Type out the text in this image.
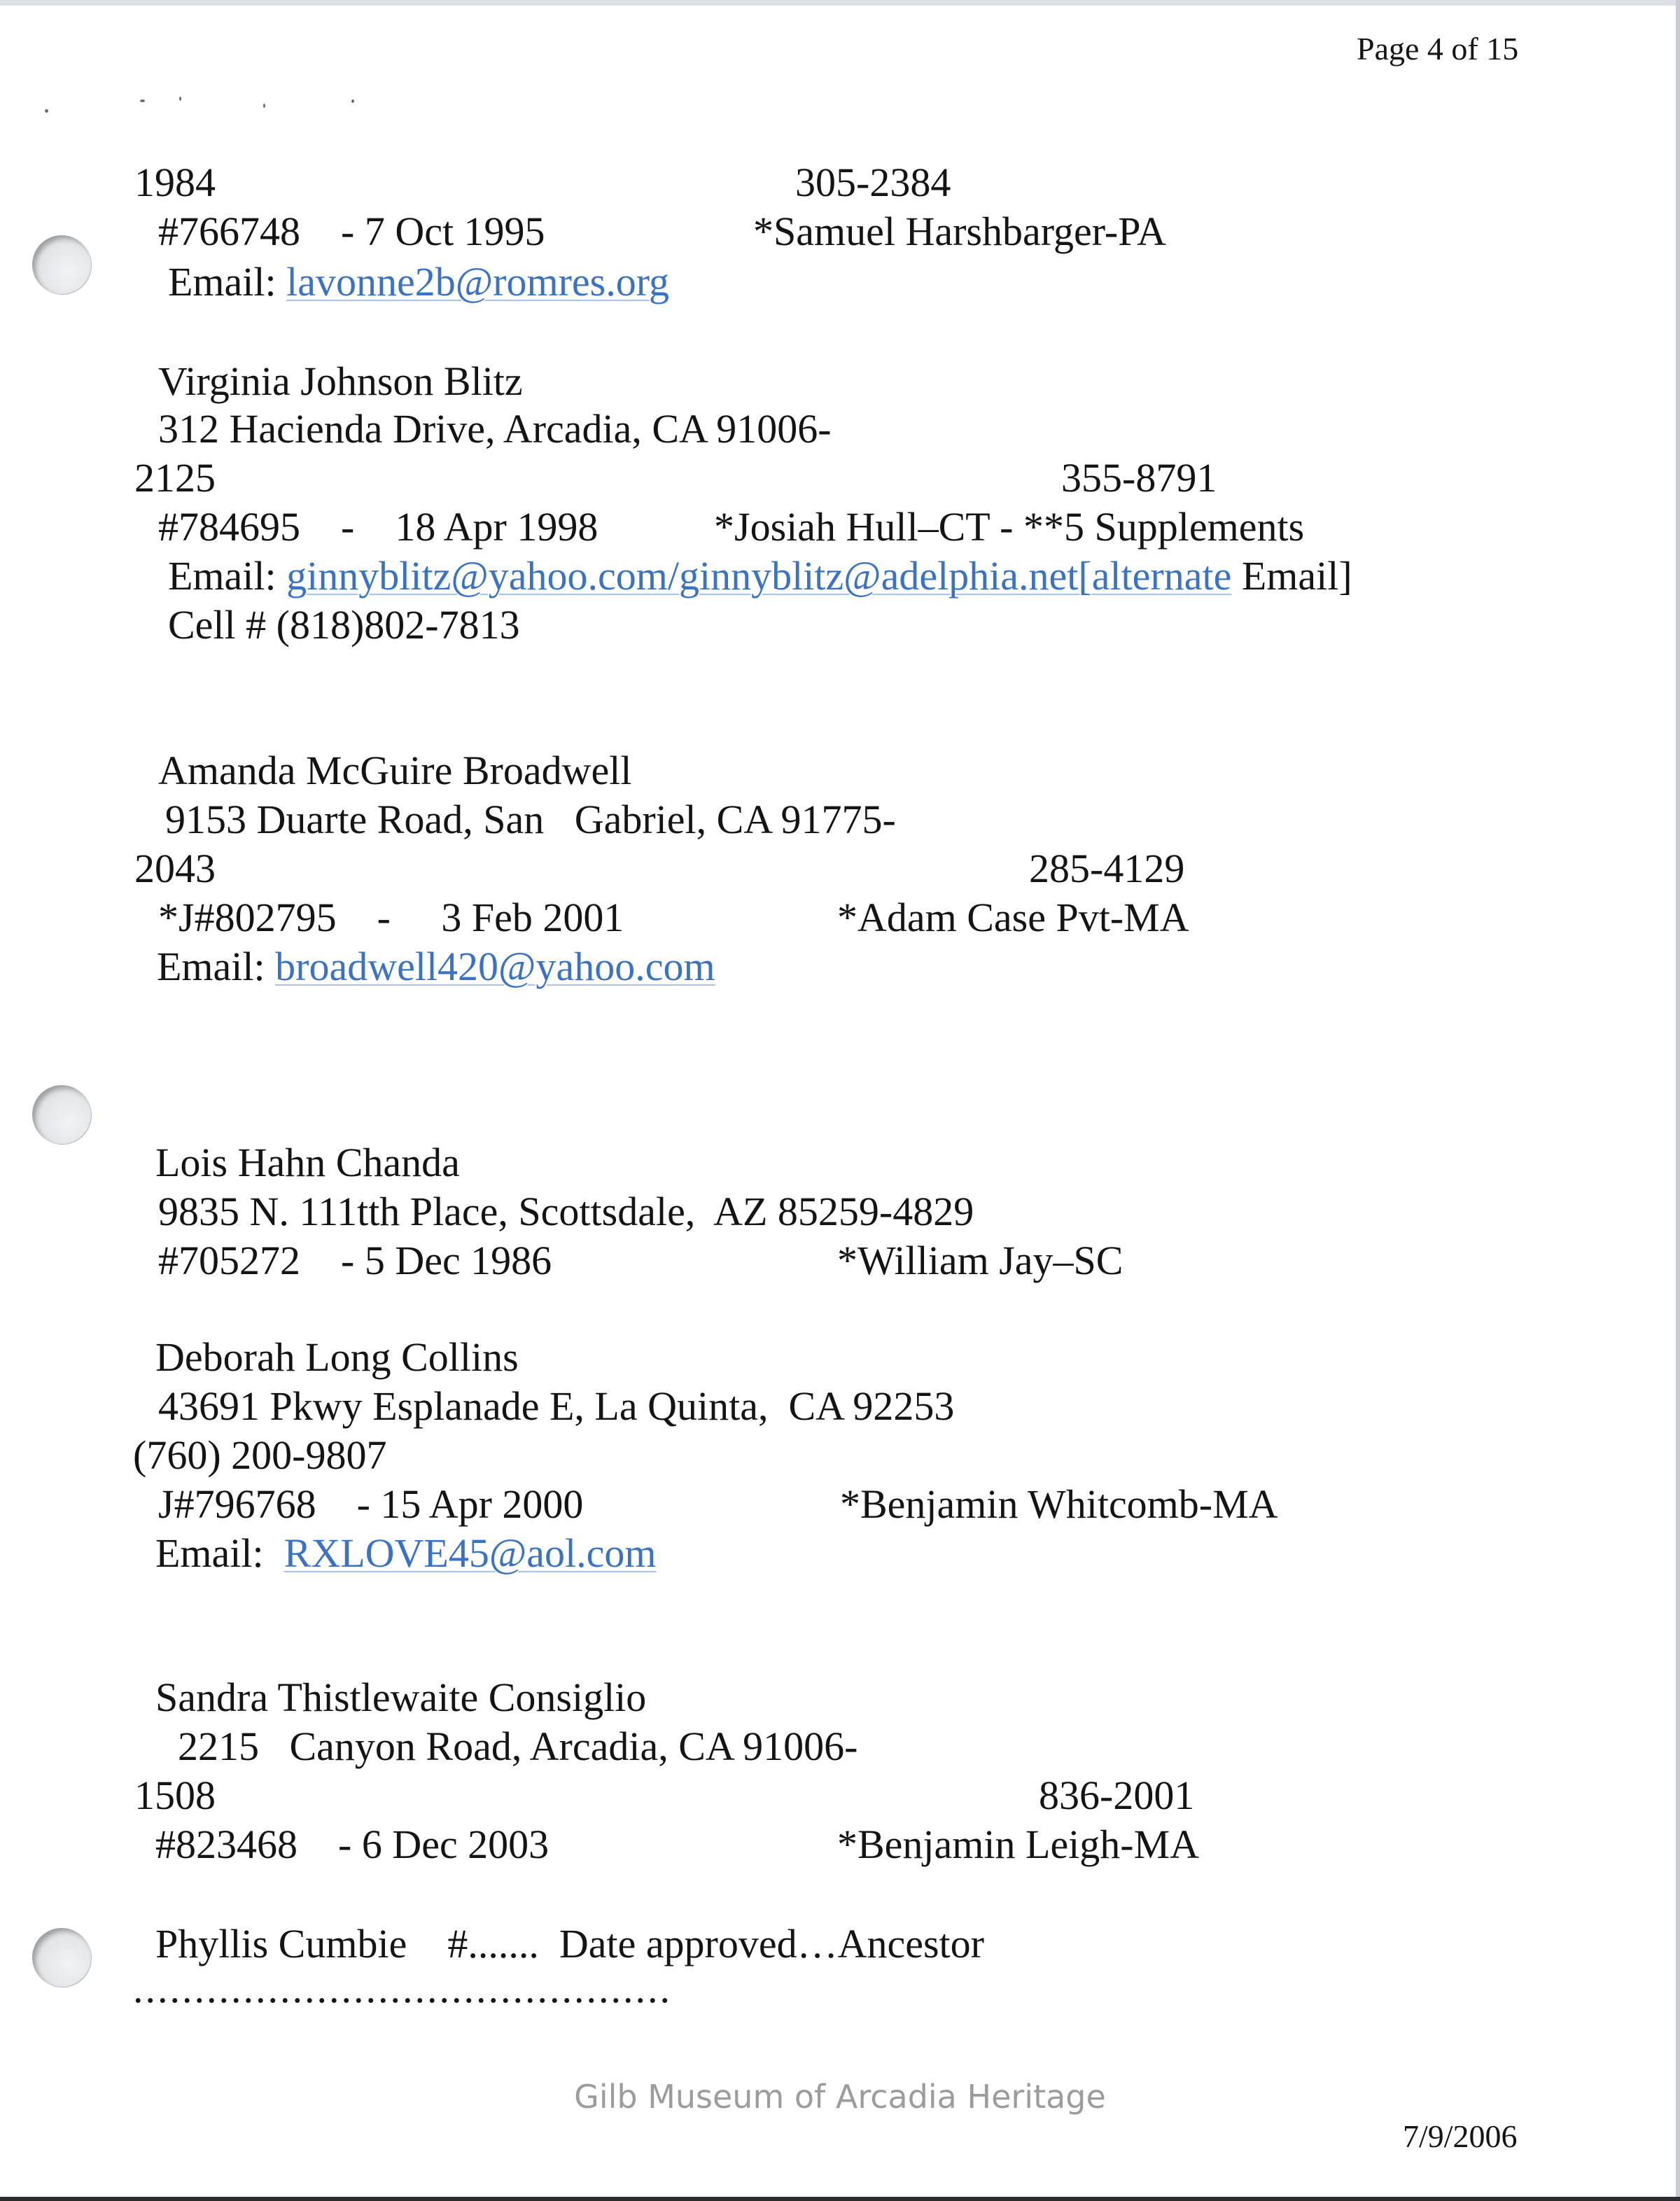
Page 4 of 15
1984	305-2384
#766748    - 7 Oct 1995	*Samuel Harshbarger-PA
Email: lavonne2b@romres.org
Virginia Johnson Blitz
312 Hacienda Drive, Arcadia, CA 91006-
2125	355-8791
#784695    -    18 Apr 1998	*Josiah Hull–CT - **5 Supplements
Email: ginnyblitz@yahoo.com/ginnyblitz@adelphia.net[alternate Email]
Cell # (818)802-7813
Amanda McGuire Broadwell
9153 Duarte Road, San   Gabriel, CA 91775-
2043	285-4129
*J#802795    -     3 Feb 2001	*Adam Case Pvt-MA
Email: broadwell420@yahoo.com
Lois Hahn Chanda
9835 N. 111tth Place, Scottsdale,  AZ 85259-4829
#705272    - 5 Dec 1986	*William Jay–SC
Deborah Long Collins
43691 Pkwy Esplanade E, La Quinta,  CA 92253
(760) 200-9807
J#796768    - 15 Apr 2000	*Benjamin Whitcomb-MA
Email:  RXLOVE45@aol.com
Sandra Thistlewaite Consiglio
2215   Canyon Road, Arcadia, CA 91006-
1508	836-2001
#823468    - 6 Dec 2003	*Benjamin Leigh-MA
Phyllis Cumbie    #.......  Date approved…Ancestor
............................................
Gilb Museum of Arcadia Heritage
7/9/2006
